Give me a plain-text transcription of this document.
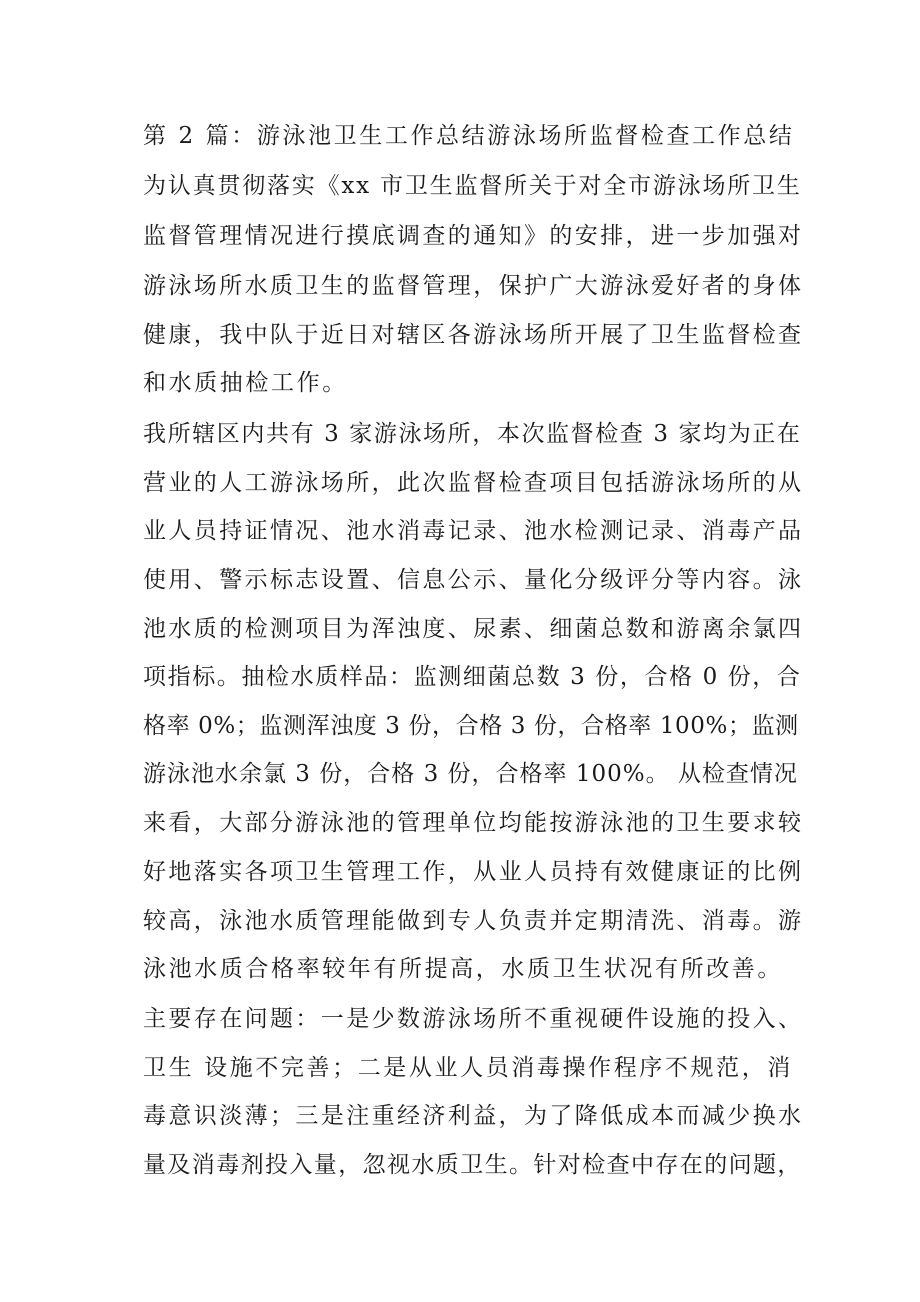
第 2 篇：游泳池卫生工作总结游泳场所监督检查工作总结

为认真贯彻落实《xx 市卫生监督所关于对全市游泳场所卫生

监督管理情况进行摸底调查的通知》的安排，进一步加强对

游泳场所水质卫生的监督管理，保护广大游泳爱好者的身体

健康，我中队于近日对辖区各游泳场所开展了卫生监督检查

和水质抽检工作。

我所辖区内共有 3 家游泳场所，本次监督检查 3 家均为正在

营业的人工游泳场所，此次监督检查项目包括游泳场所的从

业人员持证情况、池水消毒记录、池水检测记录、消毒产品

使用、警示标志设置、信息公示、量化分级评分等内容。泳

池水质的检测项目为浑浊度、尿素、细菌总数和游离余氯四

项指标。抽检水质样品：监测细菌总数 3 份，合格 0 份，合

格率 0%；监测浑浊度 3 份，合格 3 份，合格率 100%；监测

游泳池水余氯 3 份，合格 3 份，合格率 100%。 从检查情况

来看，大部分游泳池的管理单位均能按游泳池的卫生要求较

好地落实各项卫生管理工作，从业人员持有效健康证的比例

较高，泳池水质管理能做到专人负责并定期清洗、消毒。游

泳池水质合格率较年有所提高，水质卫生状况有所改善。

主要存在问题：一是少数游泳场所不重视硬件设施的投入、

卫生 设施不完善；二是从业人员消毒操作程序不规范，消

毒意识淡薄；三是注重经济利益，为了降低成本而减少换水

量及消毒剂投入量，忽视水质卫生。针对检查中存在的问题，
